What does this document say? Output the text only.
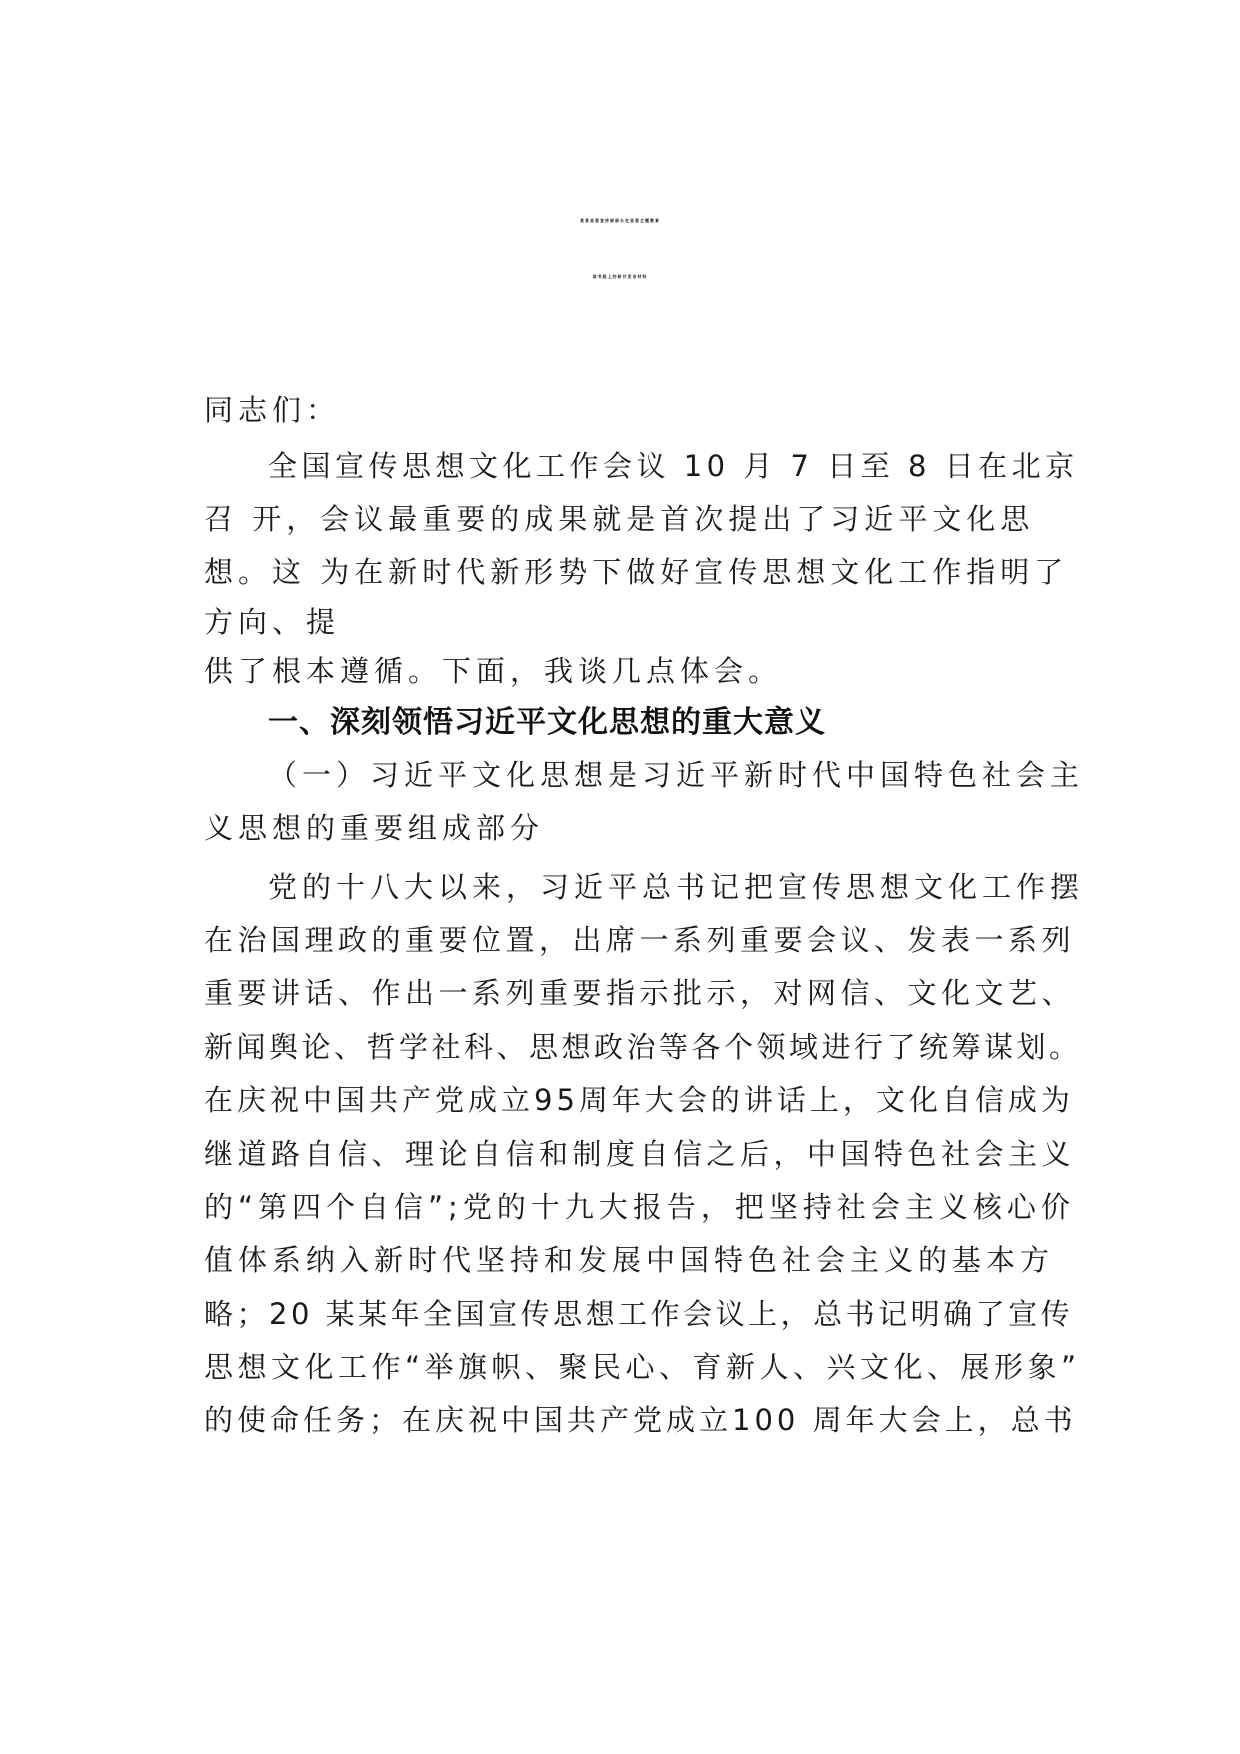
某某县委宣传部部长在县委主题教育
读书班上的研讨发言材料
同志们：
全国宣传思想文化工作会议 10 月 7 日至 8 日在北京
召 开，会议最重要的成果就是首次提出了习近平文化思
想。这 为在新时代新形势下做好宣传思想文化工作指明了
方向、提
供了根本遵循。下面，我谈几点体会。
一、深刻领悟习近平文化思想的重大意义
（一）习近平文化思想是习近平新时代中国特色社会主
义思想的重要组成部分
党的十八大以来，习近平总书记把宣传思想文化工作摆
在治国理政的重要位置，出席一系列重要会议、发表一系列
重要讲话、作出一系列重要指示批示，对网信、文化文艺、
新闻舆论、哲学社科、思想政治等各个领域进行了统筹谋划。
在庆祝中国共产党成立95周年大会的讲话上，文化自信成为
继道路自信、理论自信和制度自信之后，中国特色社会主义
的“第四个自信”;党的十九大报告，把坚持社会主义核心价
值体系纳入新时代坚持和发展中国特色社会主义的基本方
略；20 某某年全国宣传思想工作会议上，总书记明确了宣传
思想文化工作“举旗帜、聚民心、育新人、兴文化、展形象”
的使命任务；在庆祝中国共产党成立100 周年大会上，总书
